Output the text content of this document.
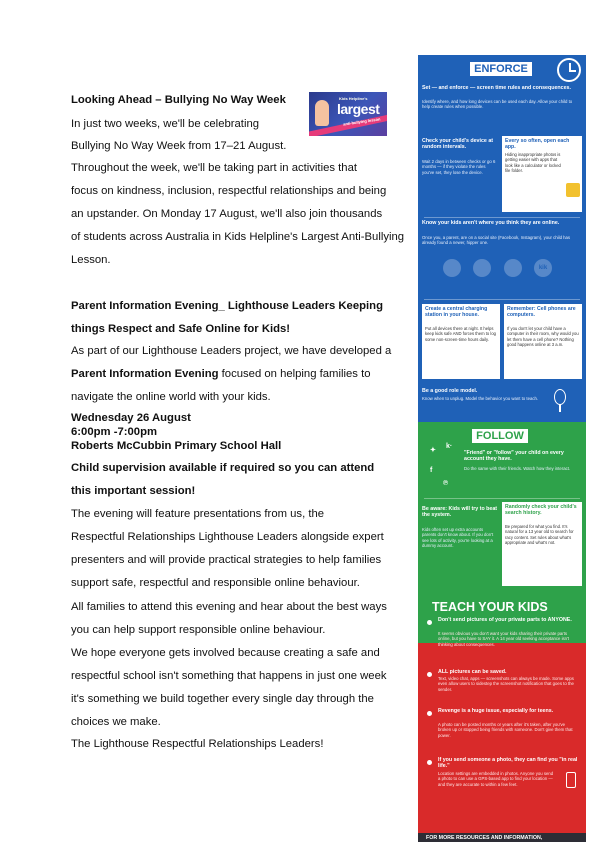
Looking Ahead – Bullying No Way Week
In just two weeks, we'll be celebrating
Bullying No Way Week from 17–21 August.
Throughout the week, we'll be taking part in activities that
focus on kindness, inclusion, respectful relationships and being
an upstander. On Monday 17 August, we'll also join thousands
of students across Australia in Kids Helpline's Largest Anti-Bullying
Lesson.
Parent Information Evening_ Lighthouse Leaders Keeping
things Respect and Safe Online for Kids!
As part of our Lighthouse Leaders project, we have developed a
Parent Information Evening focused on helping families to
navigate the online world with your kids.
Wednesday 26 August
6:00pm -7:00pm
Roberts McCubbin Primary School Hall
Child supervision available if required so you can attend
this important session!
The evening will feature presentations from us, the
Respectful Relationships Lighthouse Leaders alongside expert
presenters and will provide practical strategies to help families
support safe, respectful and responsible online behaviour.
All families to attend this evening and hear about the best ways
you can help support responsible online behaviour.
We hope everyone gets involved because creating a safe and
respectful school isn't something that happens in just one week
it's something we build together every single day through the
choices we make.
The Lighthouse Respectful Relationships Leaders!
Kids Helpline's
largest
anti-bullying lesson
ENFORCE
Set — and enforce — screen time rules and consequences.
Identify where, and how long devices can be used each day. Allow your child to help create rules when possible.
Check your child's device at random intervals.
Wait 2 days in between checks or go 6 months — if they violate the rules you've set, they lose the device.
Every so often, open each app.
Hiding inappropriate photos is getting easier with apps that look like a calculator or locked file folder.
Know your kids aren't where you think they are online.
Once you, a parent, are on a social site (Facebook, Instagram), your child has already found a newer, hipper one.
kik
Create a central charging station in your house.
Put all devices there at night. It helps keep kids safe AND forces them to log some non-screen-time hours daily.
Remember: Cell phones are computers.
If you don't let your child have a computer in their room, why would you let them have a cell phone? Nothing good happens online at 3 a.m.
Be a good role model.
Know when to unplug. Model the behavior you want to teach.
FOLLOW
✦
k·
f
℗
"Friend" or "follow" your child on every account they have.
Do the same with their friends. Watch how they interact.
Be aware: Kids will try to beat the system.
Kids often set up extra accounts parents don't know about. If you don't see lots of activity, you're looking at a dummy account.
Randomly check your child's search history.
Be prepared for what you find. It's natural for a 13 year old to search for racy content. Set rules about what's appropriate and what's not.
TEACH YOUR KIDS
Don't send pictures of your private parts to ANYONE.
It seems obvious you don't want your kids sharing their private parts online, but you have to SAY it. A 14 year old seeking acceptance isn't thinking about consequences.
ALL pictures can be saved.
Text, video chat, apps — screenshots can always be made. Some apps even allow users to sidestep the screenshot notification that goes to the sender.
Revenge is a huge issue, especially for teens.
A photo can be posted months or years after it's taken, after you've broken up or stopped being friends with someone. Don't give them that power.
If you send someone a photo, they can find you "in real life."
Location settings are embedded in photos. Anyone you send a photo to can use a GPS-based app to find your location — and they are accurate to within a few feet.
FOR MORE RESOURCES AND INFORMATION,
